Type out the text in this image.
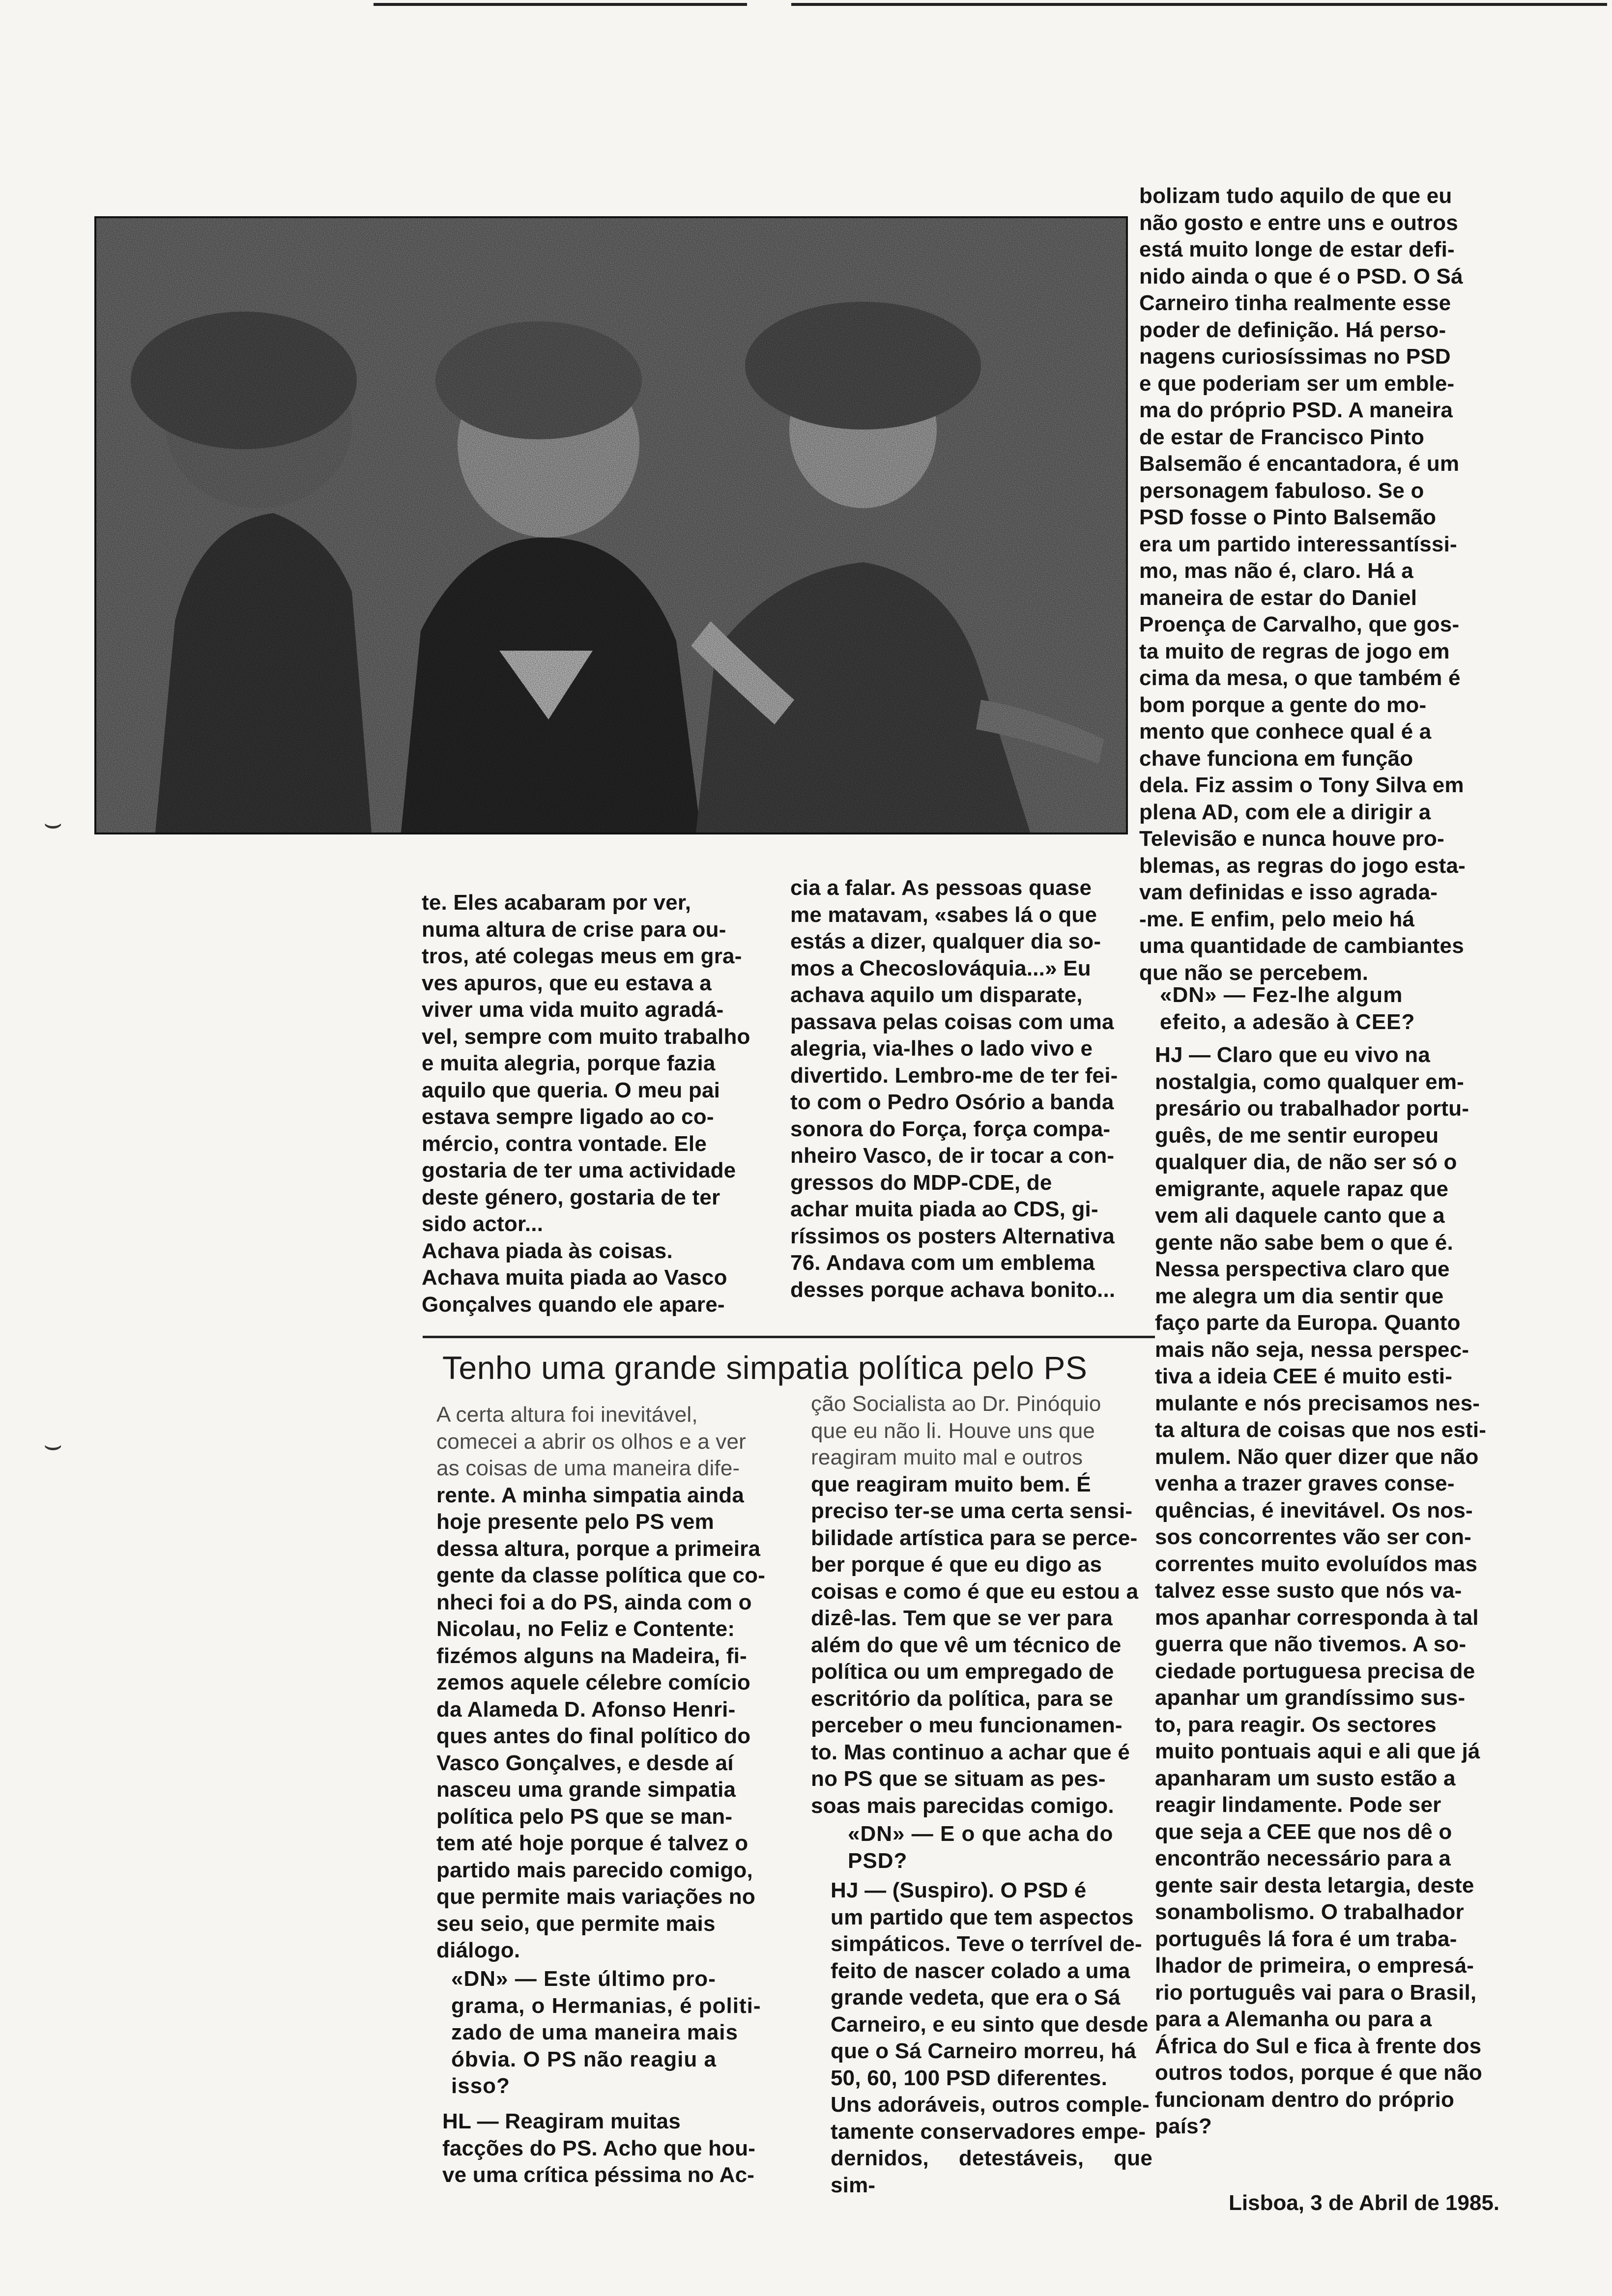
bolizam tudo aquilo de que eu

não gosto e entre uns e outros

está muito longe de estar defi-

nido ainda o que é o PSD. O Sá

Carneiro tinha realmente esse

poder de definição. Há perso-

nagens curiosíssimas no PSD

e que poderiam ser um emble-

ma do próprio PSD. A maneira

de estar de Francisco Pinto

Balsemão é encantadora, é um

personagem fabuloso. Se o

PSD fosse o Pinto Balsemão

era um partido interessantíssi-

mo, mas não é, claro. Há a

maneira de estar do Daniel

Proença de Carvalho, que gos-

ta muito de regras de jogo em

cima da mesa, o que também é

bom porque a gente do mo-

mento que conhece qual é a

chave funciona em função

dela. Fiz assim o Tony Silva em

plena AD, com ele a dirigir a

Televisão e nunca houve pro-

blemas, as regras do jogo esta-

vam definidas e isso agrada-

-me. E enfim, pelo meio há

uma quantidade de cambiantes

que não se percebem.

«DN» — Fez-lhe algum

efeito, a adesão à CEE?

HJ — Claro que eu vivo na

nostalgia, como qualquer em-

presário ou trabalhador portu-

guês, de me sentir europeu

qualquer dia, de não ser só o

emigrante, aquele rapaz que

vem ali daquele canto que a

gente não sabe bem o que é.

Nessa perspectiva claro que

me alegra um dia sentir que

faço parte da Europa. Quanto

mais não seja, nessa perspec-

tiva a ideia CEE é muito esti-

mulante e nós precisamos nes-

ta altura de coisas que nos esti-

mulem. Não quer dizer que não

venha a trazer graves conse-

quências, é inevitável. Os nos-

sos concorrentes vão ser con-

correntes muito evoluídos mas

talvez esse susto que nós va-

mos apanhar corresponda à tal

guerra que não tivemos. A so-

ciedade portuguesa precisa de

apanhar um grandíssimo sus-

to, para reagir. Os sectores

muito pontuais aqui e ali que já

apanharam um susto estão a

reagir lindamente. Pode ser

que seja a CEE que nos dê o

encontrão necessário para a

gente sair desta letargia, deste

sonambolismo. O trabalhador

português lá fora é um traba-

lhador de primeira, o empresá-

rio português vai para o Brasil,

para a Alemanha ou para a

África do Sul e fica à frente dos

outros todos, porque é que não

funcionam dentro do próprio

país?

te. Eles acabaram por ver,

numa altura de crise para ou-

tros, até colegas meus em gra-

ves apuros, que eu estava a

viver uma vida muito agradá-

vel, sempre com muito trabalho

e muita alegria, porque fazia

aquilo que queria. O meu pai

estava sempre ligado ao co-

mércio, contra vontade. Ele

gostaria de ter uma actividade

deste género, gostaria de ter

sido actor...

Achava piada às coisas.

Achava muita piada ao Vasco

Gonçalves quando ele apare-

cia a falar. As pessoas quase

me matavam, «sabes lá o que

estás a dizer, qualquer dia so-

mos a Checoslováquia...» Eu

achava aquilo um disparate,

passava pelas coisas com uma

alegria, via-lhes o lado vivo e

divertido. Lembro-me de ter fei-

to com o Pedro Osório a banda

sonora do Força, força compa-

nheiro Vasco, de ir tocar a con-

gressos do MDP-CDE, de

achar muita piada ao CDS, gi-

ríssimos os posters Alternativa

76. Andava com um emblema

desses porque achava bonito...

Tenho uma grande simpatia política pelo PS

A certa altura foi inevitável,

comecei a abrir os olhos e a ver

as coisas de uma maneira dife-

rente. A minha simpatia ainda

hoje presente pelo PS vem

dessa altura, porque a primeira

gente da classe política que co-

nheci foi a do PS, ainda com o

Nicolau, no Feliz e Contente:

fizémos alguns na Madeira, fi-

zemos aquele célebre comício

da Alameda D. Afonso Henri-

ques antes do final político do

Vasco Gonçalves, e desde aí

nasceu uma grande simpatia

política pelo PS que se man-

tem até hoje porque é talvez o

partido mais parecido comigo,

que permite mais variações no

seu seio, que permite mais

diálogo.

«DN» — Este último pro-

grama, o Hermanias, é politi-

zado de uma maneira mais

óbvia. O PS não reagiu a

isso?

HL — Reagiram muitas

facções do PS. Acho que hou-

ve uma crítica péssima no Ac-

ção Socialista ao Dr. Pinóquio

que eu não li. Houve uns que

reagiram muito mal e outros

que reagiram muito bem. É

preciso ter-se uma certa sensi-

bilidade artística para se perce-

ber porque é que eu digo as

coisas e como é que eu estou a

dizê-las. Tem que se ver para

além do que vê um técnico de

política ou um empregado de

escritório da política, para se

perceber o meu funcionamen-

to. Mas continuo a achar que é

no PS que se situam as pes-

soas mais parecidas comigo.

«DN» — E o que acha do

PSD?

HJ — (Suspiro). O PSD é

um partido que tem aspectos

simpáticos. Teve o terrível de-

feito de nascer colado a uma

grande vedeta, que era o Sá

Carneiro, e eu sinto que desde

que o Sá Carneiro morreu, há

50, 60, 100 PSD diferentes.

Uns adoráveis, outros comple-

tamente conservadores empe-

dernidos, detestáveis, que sim-

Lisboa, 3 de Abril de 1985.

⌣
⌣
